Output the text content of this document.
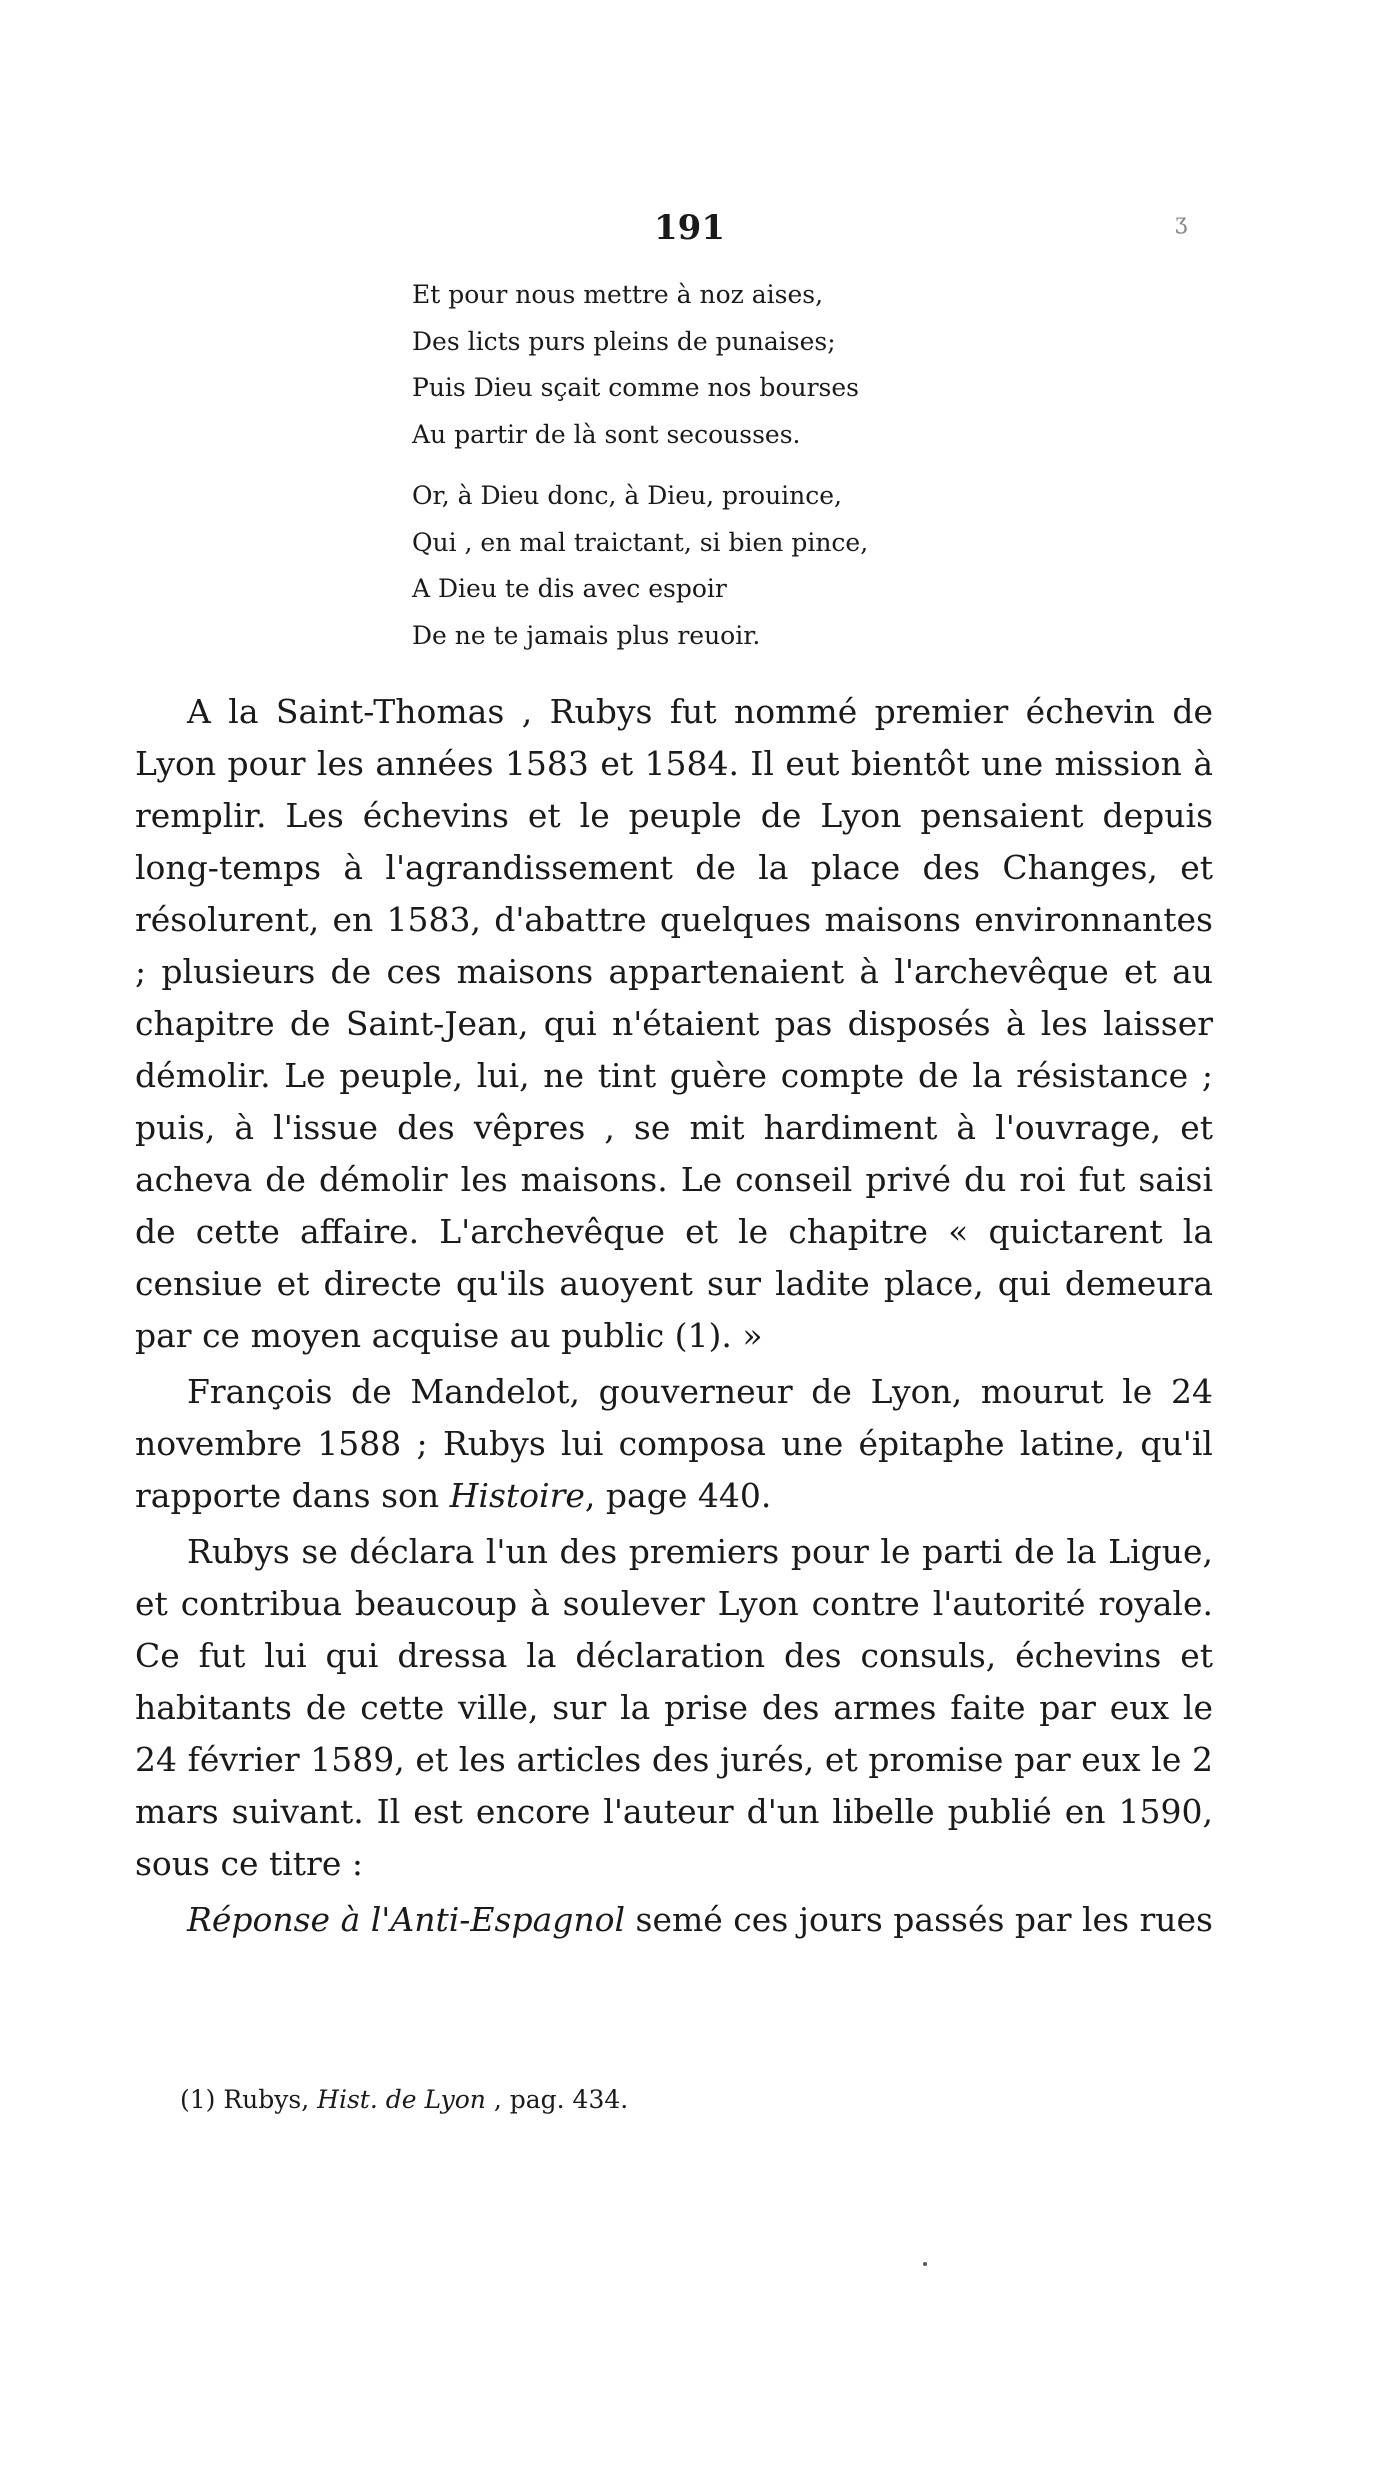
191	ʒ
Et pour nous mettre à noz aises,
Des licts purs pleins de punaises;
Puis Dieu sçait comme nos bourses
Au partir de là sont secousses.
Or, à Dieu donc, à Dieu, prouince,
Qui , en mal traictant, si bien pince,
A Dieu te dis avec espoir
De ne te jamais plus reuoir.

A la Saint-Thomas , Rubys fut nommé premier échevin de Lyon pour les années 1583 et 1584. Il eut bientôt une mission à remplir. Les échevins et le peuple de Lyon pensaient depuis long-temps à l'agrandissement de la place des Changes, et résolurent, en 1583, d'abattre quelques maisons environnantes ; plusieurs de ces maisons appartenaient à l'archevêque et au chapitre de Saint-Jean, qui n'étaient pas disposés à les laisser démolir. Le peuple, lui, ne tint guère compte de la résistance ; puis, à l'issue des vêpres , se mit hardiment à l'ouvrage, et acheva de démolir les maisons. Le conseil privé du roi fut saisi de cette affaire. L'archevêque et le chapitre « quictarent la censiue et directe qu'ils auoyent sur ladite place, qui demeura par ce moyen acquise au public (1). »

François de Mandelot, gouverneur de Lyon, mourut le 24 novembre 1588 ; Rubys lui composa une épitaphe latine, qu'il rapporte dans son Histoire, page 440.

Rubys se déclara l'un des premiers pour le parti de la Ligue, et contribua beaucoup à soulever Lyon contre l'autorité royale. Ce fut lui qui dressa la déclaration des consuls, échevins et habitants de cette ville, sur la prise des armes faite par eux le 24 février 1589, et les articles des jurés, et promise par eux le 2 mars suivant. Il est encore l'auteur d'un libelle publié en 1590, sous ce titre :

Réponse à l'Anti-Espagnol semé ces jours passés par les rues

(1) Rubys, Hist. de Lyon , pag. 434.
